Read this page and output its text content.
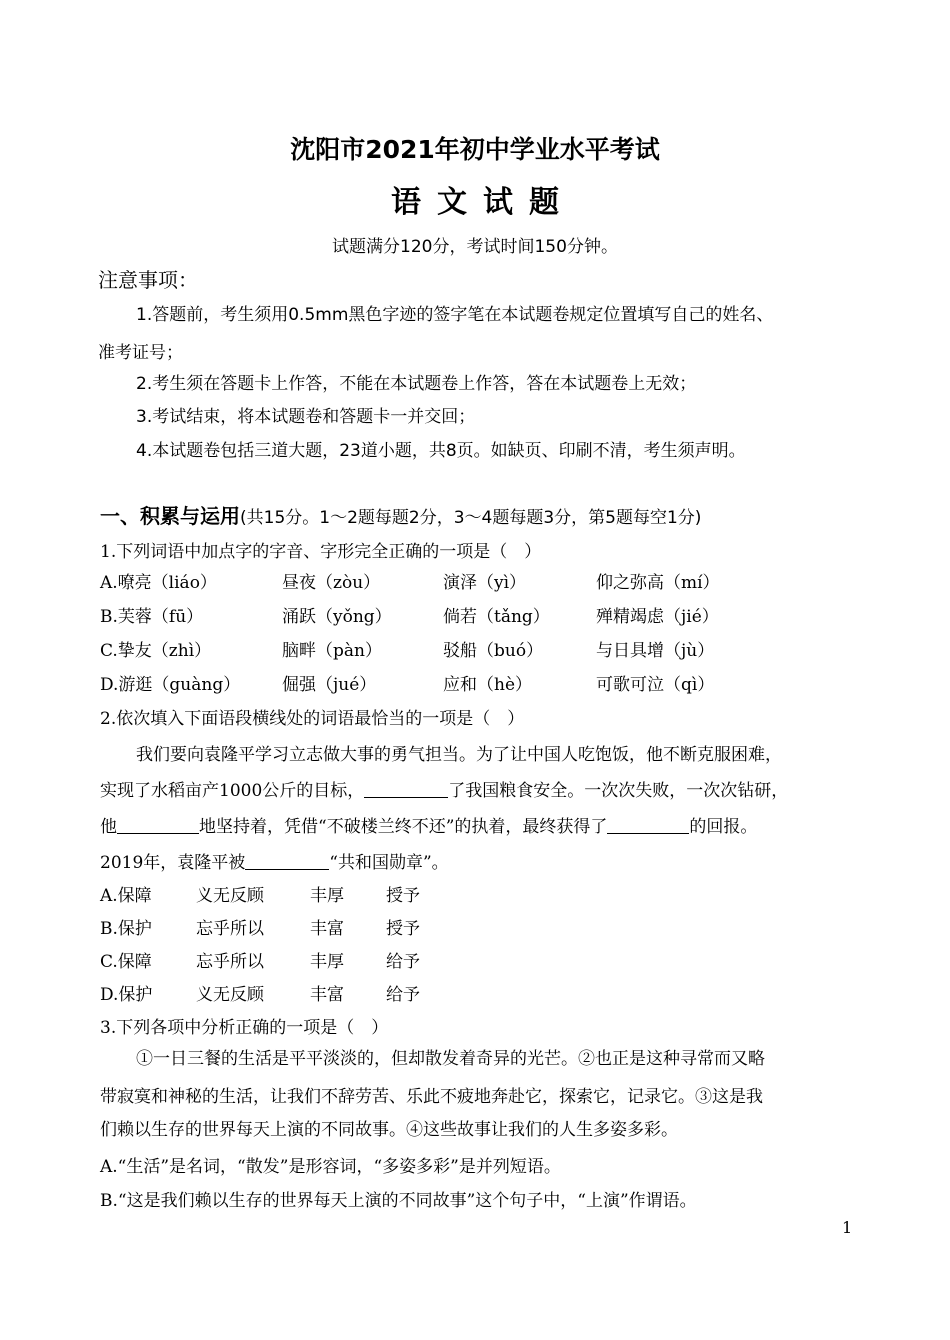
沈阳市2021年初中学业水平考试
语文试题
试题满分120分，考试时间150分钟。
注意事项：
1.答题前，考生须用0.5mm黑色字迹的签字笔在本试题卷规定位置填写自己的姓名、
准考证号；
2.考生须在答题卡上作答，不能在本试题卷上作答，答在本试题卷上无效；
3.考试结束，将本试题卷和答题卡一并交回；
4.本试题卷包括三道大题，23道小题，共8页。如缺页、印刷不清，考生须声明。
一、积累与运用(共15分。1～2题每题2分，3～4题每题3分，第5题每空1分)
1.下列词语中加点字的字音、字形完全正确的一项是（　）
A.嘹亮（liáo）	昼夜（zòu）	演泽（yì）	仰之弥高（mí）
B.芙蓉（fū）	涌跃（yǒng）	倘若（tǎng）	殚精竭虑（jié）
C.挚友（zhì）	脑畔（pàn）	驳船（buó）	与日具增（jù）
D.游逛（guàng） 倔强（jué）	应和（hè）	可歌可泣（qì）
2.依次填入下面语段横线处的词语最恰当的一项是（　）
我们要向袁隆平学习立志做大事的勇气担当。为了让中国人吃饱饭，他不断克服困难，
实现了水稻亩产1000公斤的目标，	了我国粮食安全。一次次失败，一次次钻研，
他	地坚持着，凭借“不破楼兰终不还”的执着，最终获得了	的回报。
2019年，袁隆平被	“共和国勋章”。
A.保障	义无反顾	丰厚 授予
B.保护	忘乎所以	丰富 授予
C.保障	忘乎所以	丰厚 给予
D.保护	义无反顾	丰富 给予
3.下列各项中分析正确的一项是（　）
①一日三餐的生活是平平淡淡的，但却散发着奇异的光芒。②也正是这种寻常而又略
带寂寞和神秘的生活，让我们不辞劳苦、乐此不疲地奔赴它，探索它，记录它。③这是我
们赖以生存的世界每天上演的不同故事。④这些故事让我们的人生多姿多彩。
A.“生活”是名词，“散发”是形容词，“多姿多彩”是并列短语。
B.“这是我们赖以生存的世界每天上演的不同故事”这个句子中，“上演”作谓语。
1
